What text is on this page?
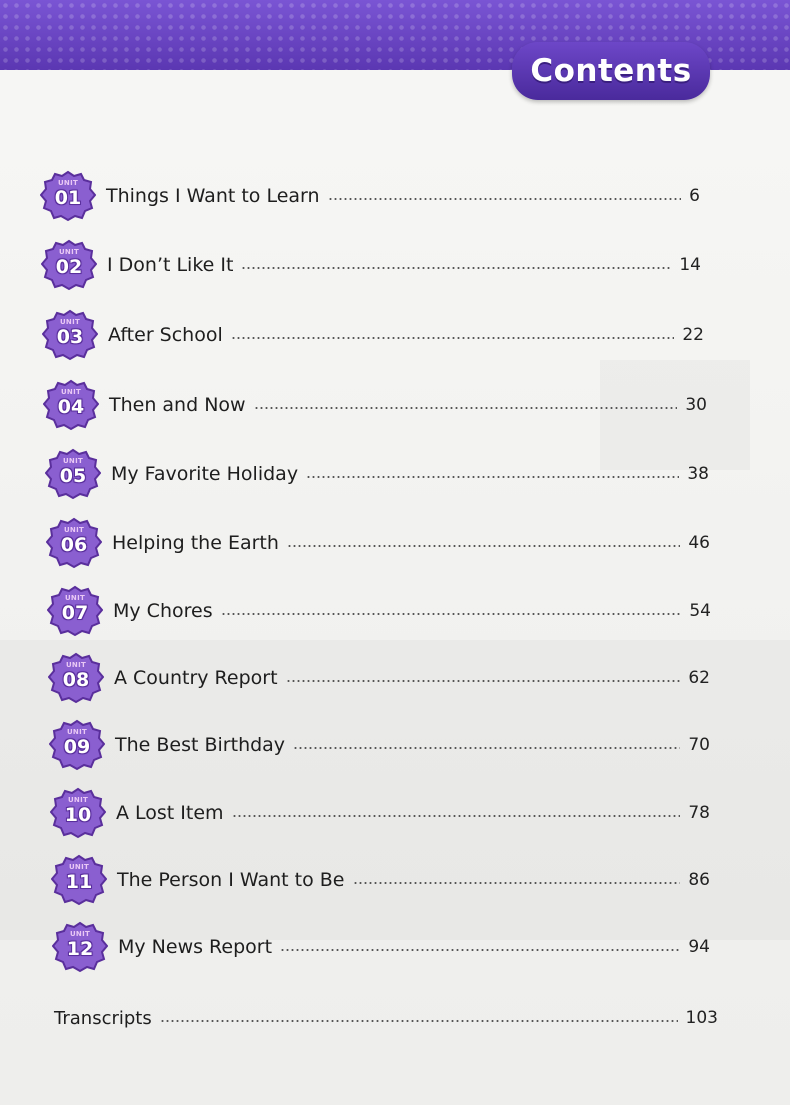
Contents
UNIT
01	Things I Want to Learn	6
UNIT
02	I Don’t Like It	14
UNIT
03	After School	22
UNIT
04	Then and Now	30
UNIT
05	My Favorite Holiday	38
UNIT
06	Helping the Earth	46
UNIT
07	My Chores	54
UNIT
08	A Country Report	62
UNIT
09	The Best Birthday	70
UNIT
10	A Lost Item	78
UNIT
11	The Person I Want to Be	86
UNIT
12	My News Report	94
Transcripts	103
